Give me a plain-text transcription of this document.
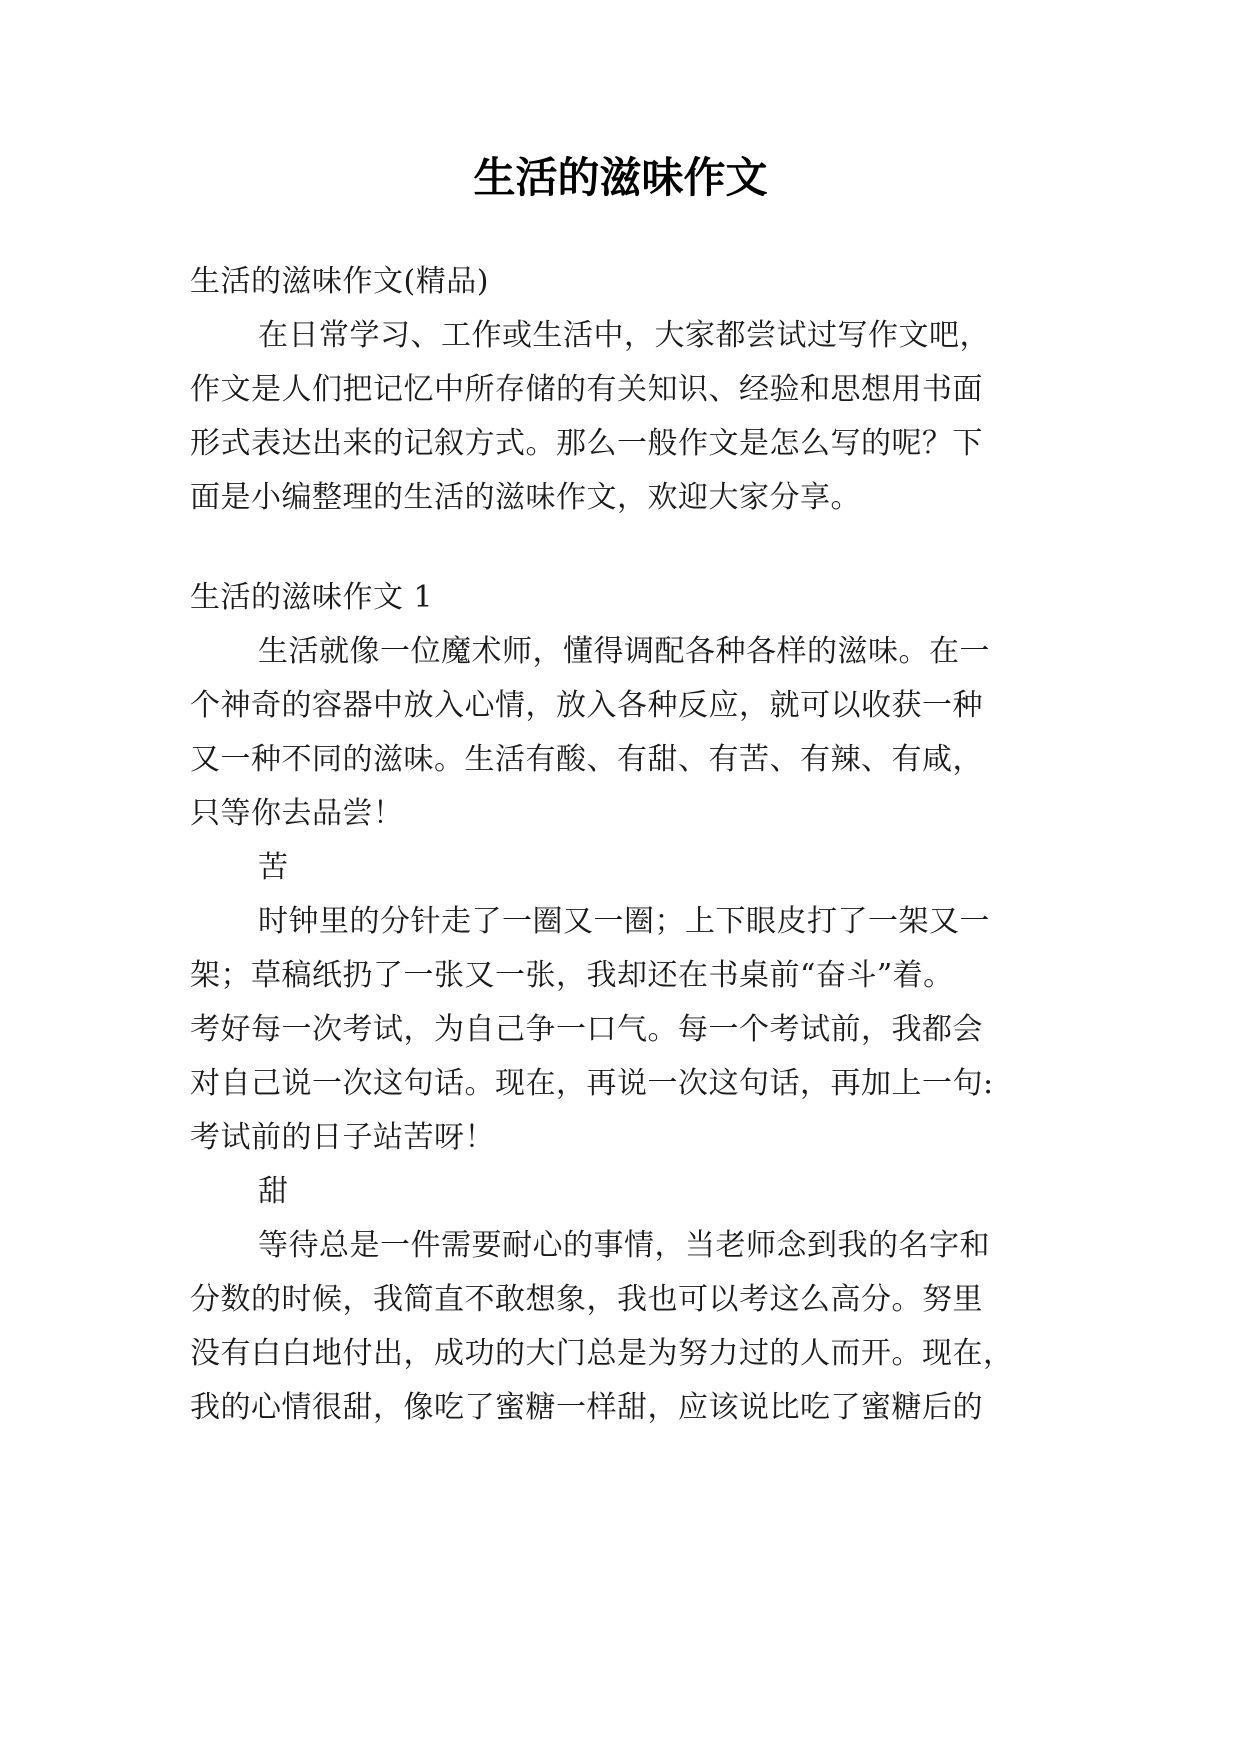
生活的滋味作文

生活的滋味作文(精品)

在日常学习、工作或生活中，大家都尝试过写作文吧，

作文是人们把记忆中所存储的有关知识、经验和思想用书面

形式表达出来的记叙方式。那么一般作文是怎么写的呢？下

面是小编整理的生活的滋味作文，欢迎大家分享。

生活的滋味作文 1

生活就像一位魔术师，懂得调配各种各样的滋味。在一

个神奇的容器中放入心情，放入各种反应，就可以收获一种

又一种不同的滋味。生活有酸、有甜、有苦、有辣、有咸，

只等你去品尝！

苦

时钟里的分针走了一圈又一圈；上下眼皮打了一架又一

架；草稿纸扔了一张又一张，我却还在书桌前“奋斗”着。

考好每一次考试，为自己争一口气。每一个考试前，我都会

对自己说一次这句话。现在，再说一次这句话，再加上一句:

考试前的日子站苦呀！

甜

等待总是一件需要耐心的事情，当老师念到我的名字和

分数的时候，我简直不敢想象，我也可以考这么高分。努里

没有白白地付出，成功的大门总是为努力过的人而开。现在，

我的心情很甜，像吃了蜜糖一样甜，应该说比吃了蜜糖后的
